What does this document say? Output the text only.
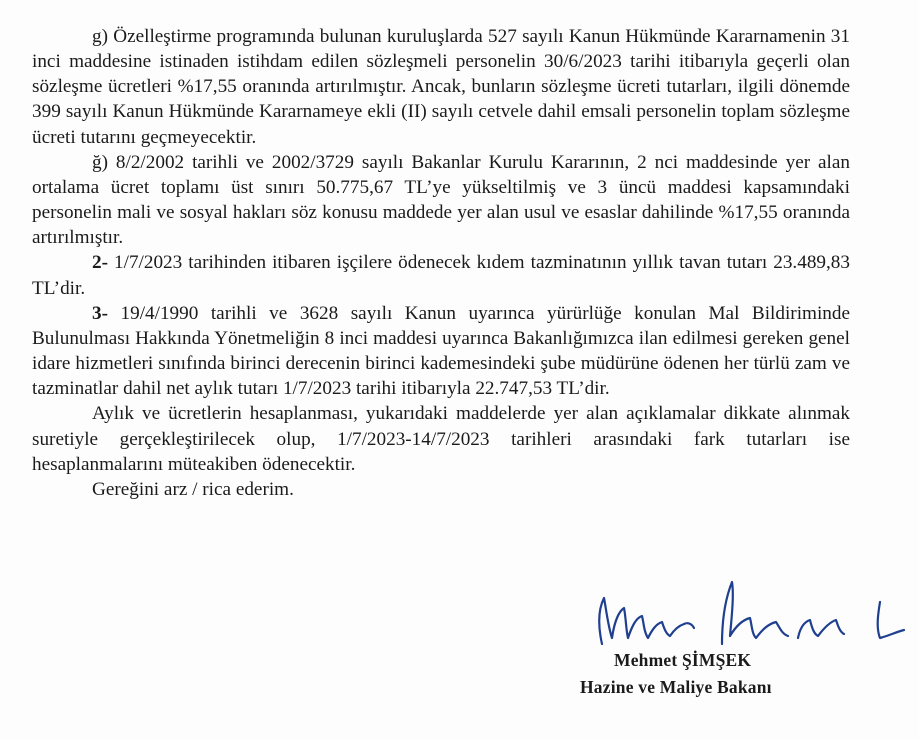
g) Özelleştirme programında bulunan kuruluşlarda 527 sayılı Kanun Hükmünde Kararnamenin 31 inci maddesine istinaden istihdam edilen sözleşmeli personelin 30/6/2023 tarihi itibarıyla geçerli olan sözleşme ücretleri %17,55 oranında artırılmıştır. Ancak, bunların sözleşme ücreti tutarları, ilgili dönemde 399 sayılı Kanun Hükmünde Kararnameye ekli (II) sayılı cetvele dahil emsali personelin toplam sözleşme ücreti tutarını geçmeyecektir.

ğ) 8/2/2002 tarihli ve 2002/3729 sayılı Bakanlar Kurulu Kararının, 2 nci maddesinde yer alan ortalama ücret toplamı üst sınırı 50.775,67 TL’ye yükseltilmiş ve 3 üncü maddesi kapsamındaki personelin mali ve sosyal hakları söz konusu maddede yer alan usul ve esaslar dahilinde %17,55 oranında artırılmıştır.

2- 1/7/2023 tarihinden itibaren işçilere ödenecek kıdem tazminatının yıllık tavan tutarı 23.489,83 TL’dir.

3- 19/4/1990 tarihli ve 3628 sayılı Kanun uyarınca yürürlüğe konulan Mal Bildiriminde Bulunulması Hakkında Yönetmeliğin 8 inci maddesi uyarınca Bakanlığımızca ilan edilmesi gereken genel idare hizmetleri sınıfında birinci derecenin birinci kademesindeki şube müdürüne ödenen her türlü zam ve tazminatlar dahil net aylık tutarı 1/7/2023 tarihi itibarıyla 22.747,53 TL’dir.

Aylık ve ücretlerin hesaplanması, yukarıdaki maddelerde yer alan açıklamalar dikkate alınmak suretiyle gerçekleştirilecek olup, 1/7/2023-14/7/2023 tarihleri arasındaki fark tutarları ise hesaplanmalarını müteakiben ödenecektir.

Gereğini arz / rica ederim.

Mehmet ŞİMŞEK
Hazine ve Maliye Bakanı
